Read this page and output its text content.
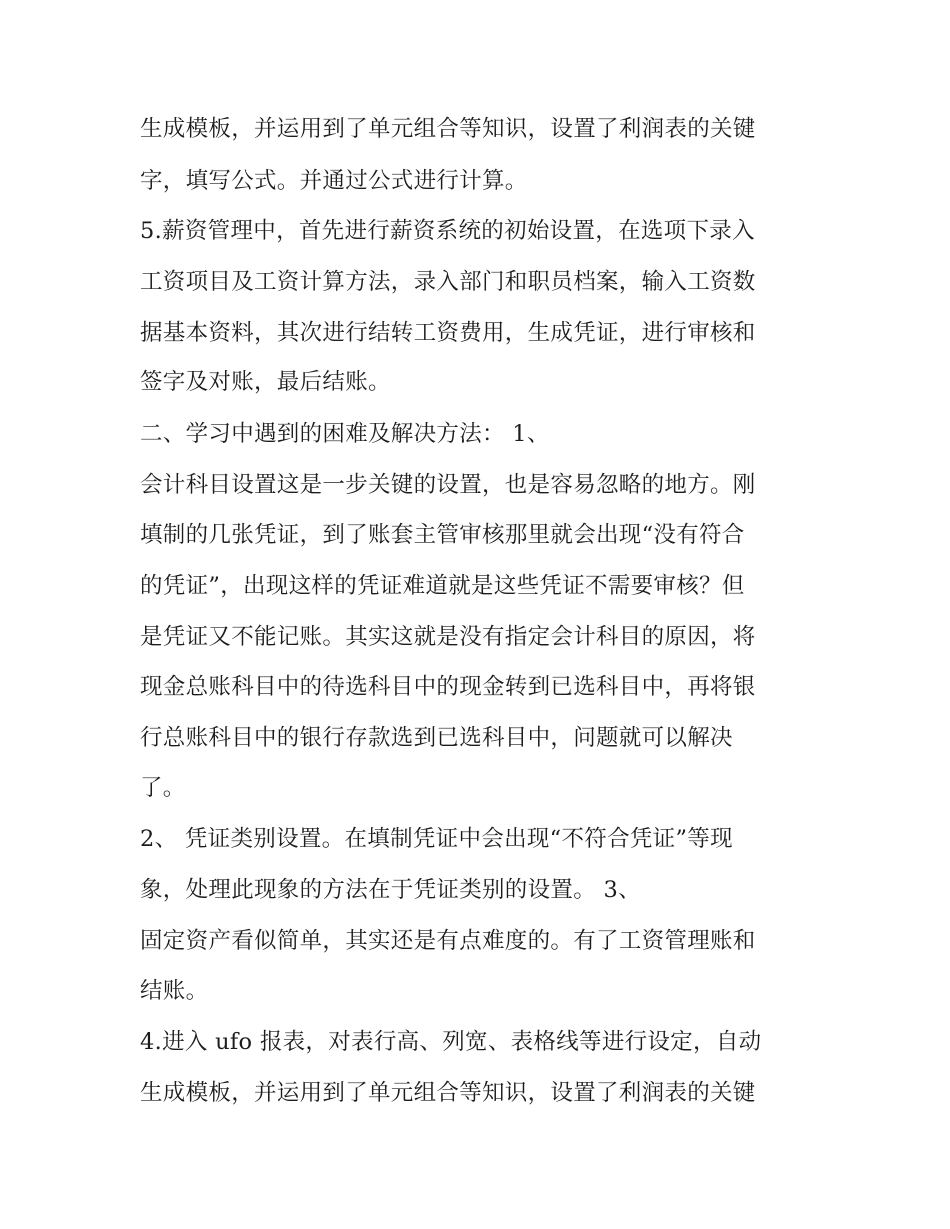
生成模板，并运用到了单元组合等知识，设置了利润表的关键
字，填写公式。并通过公式进行计算。
5.薪资管理中，首先进行薪资系统的初始设置，在选项下录入
工资项目及工资计算方法，录入部门和职员档案，输入工资数
据基本资料，其次进行结转工资费用，生成凭证，进行审核和
签字及对账，最后结账。
二、学习中遇到的困难及解决方法： 1、
会计科目设置这是一步关键的设置，也是容易忽略的地方。刚
填制的几张凭证，到了账套主管审核那里就会出现“没有符合
的凭证”，出现这样的凭证难道就是这些凭证不需要审核？但
是凭证又不能记账。其实这就是没有指定会计科目的原因，将
现金总账科目中的待选科目中的现金转到已选科目中，再将银
行总账科目中的银行存款选到已选科目中，问题就可以解决
了。
2、 凭证类别设置。在填制凭证中会出现“不符合凭证”等现
象，处理此现象的方法在于凭证类别的设置。 3、
固定资产看似简单，其实还是有点难度的。有了工资管理账和
结账。
4.进入 ufo 报表，对表行高、列宽、表格线等进行设定，自动
生成模板，并运用到了单元组合等知识，设置了利润表的关键
